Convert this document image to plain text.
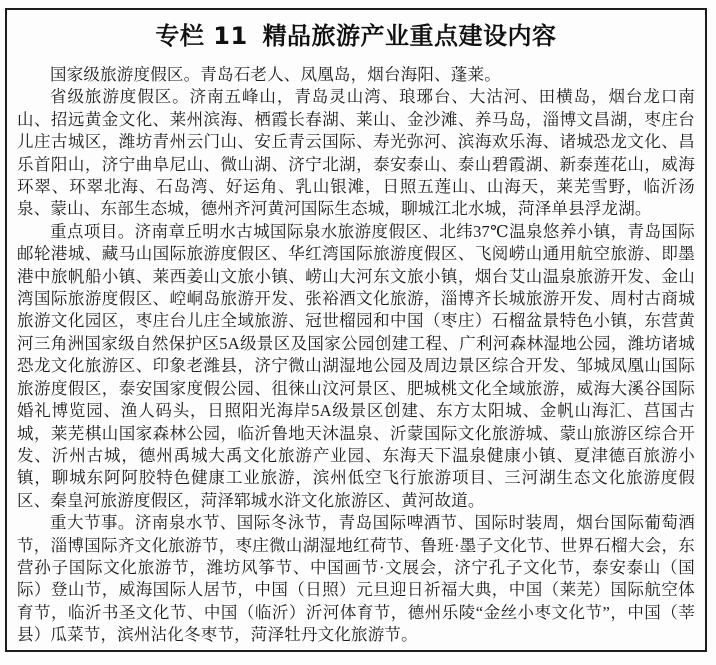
专栏 11 精品旅游产业重点建设内容

国家级旅游度假区。青岛石老人、凤凰岛，烟台海阳、蓬莱。

省级旅游度假区。济南五峰山，青岛灵山湾、琅琊台、大沽河、田横岛，烟台龙口南山、招远黄金文化、莱州滨海、栖霞长春湖、莱山、金沙滩、养马岛，淄博文昌湖，枣庄台儿庄古城区，潍坊青州云门山、安丘青云国际、寿光弥河、滨海欢乐海、诸城恐龙文化、昌乐首阳山，济宁曲阜尼山、微山湖、济宁北湖，泰安泰山、泰山碧霞湖、新泰莲花山，威海环翠、环翠北海、石岛湾、好运角、乳山银滩，日照五莲山、山海天，莱芜雪野，临沂汤泉、蒙山、东部生态城，德州齐河黄河国际生态城，聊城江北水城，菏泽单县浮龙湖。

重点项目。济南章丘明水古城国际泉水旅游度假区、北纬37℃温泉悠养小镇，青岛国际邮轮港城、藏马山国际旅游度假区、华红湾国际旅游度假区、飞阅崂山通用航空旅游、即墨港中旅帆船小镇、莱西姜山文旅小镇、崂山大河东文旅小镇，烟台艾山温泉旅游开发、金山湾国际旅游度假区、崆峒岛旅游开发、张裕酒文化旅游，淄博齐长城旅游开发、周村古商城旅游文化园区，枣庄台儿庄全域旅游、冠世榴园和中国（枣庄）石榴盆景特色小镇，东营黄河三角洲国家级自然保护区5A级景区及国家公园创建工程、广利河森林湿地公园，潍坊诸城恐龙文化旅游区、印象老潍县，济宁微山湖湿地公园及周边景区综合开发、邹城凤凰山国际旅游度假区，泰安国家度假公园、徂徕山汶河景区、肥城桃文化全域旅游，威海大溪谷国际婚礼博览园、渔人码头，日照阳光海岸5A级景区创建、东方太阳城、金帆山海汇、莒国古城，莱芜棋山国家森林公园，临沂鲁地天沐温泉、沂蒙国际文化旅游城、蒙山旅游区综合开发、沂州古城，德州禹城大禹文化旅游产业园、东海天下温泉健康小镇、夏津德百旅游小镇，聊城东阿阿胶特色健康工业旅游，滨州低空飞行旅游项目、三河湖生态文化旅游度假区、秦皇河旅游度假区，菏泽郓城水浒文化旅游区、黄河故道。

重大节事。济南泉水节、国际冬泳节，青岛国际啤酒节、国际时装周，烟台国际葡萄酒节，淄博国际齐文化旅游节，枣庄微山湖湿地红荷节、鲁班·墨子文化节、世界石榴大会，东营孙子国际文化旅游节，潍坊风筝节、中国画节·文展会，济宁孔子文化节，泰安泰山（国际）登山节，威海国际人居节，中国（日照）元旦迎日祈福大典，中国（莱芜）国际航空体育节，临沂书圣文化节、中国（临沂）沂河体育节，德州乐陵“金丝小枣文化节”，中国（莘县）瓜菜节，滨州沾化冬枣节，菏泽牡丹文化旅游节。
